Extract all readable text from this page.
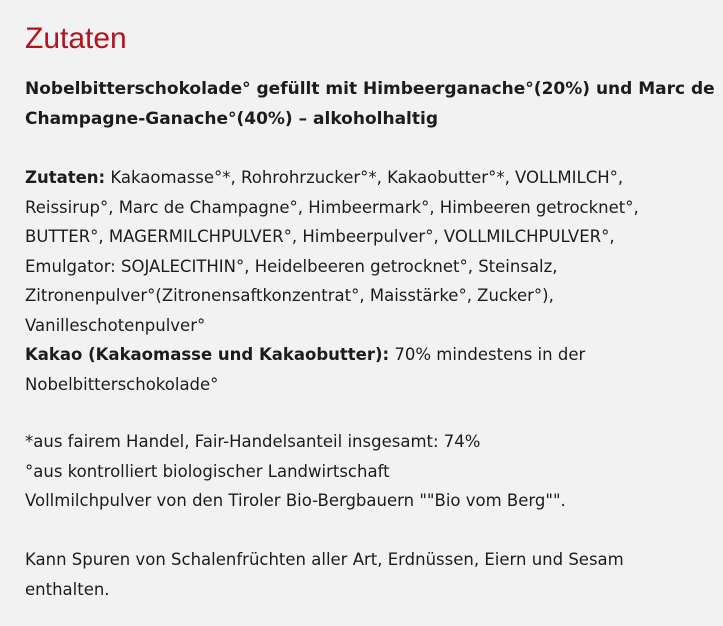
Zutaten

Nobelbitterschokolade° gefüllt mit Himbeerganache°(20%) und Marc de
Champagne-Ganache°(40%) – alkoholhaltig

Zutaten: Kakaomasse°*, Rohrohrzucker°*, Kakaobutter°*, VOLLMILCH°,
Reissirup°, Marc de Champagne°, Himbeermark°, Himbeeren getrocknet°,
BUTTER°, MAGERMILCHPULVER°, Himbeerpulver°, VOLLMILCHPULVER°,
Emulgator: SOJALECITHIN°, Heidelbeeren getrocknet°, Steinsalz,
Zitronenpulver°(Zitronensaftkonzentrat°, Maisstärke°, Zucker°),
Vanilleschotenpulver°
Kakao (Kakaomasse und Kakaobutter): 70% mindestens in der
Nobelbitterschokolade°
*aus fairem Handel, Fair-Handelsanteil insgesamt: 74%
°aus kontrolliert biologischer Landwirtschaft
Vollmilchpulver von den Tiroler Bio-Bergbauern ""Bio vom Berg"".
Kann Spuren von Schalenfrüchten aller Art, Erdnüssen, Eiern und Sesam
enthalten.
